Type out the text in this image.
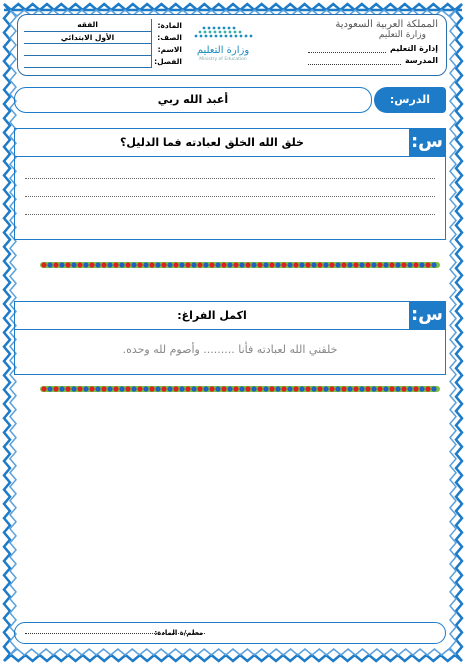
المملكة العربية السعودية
وزارة التعليم
إدارة التعليم
المدرسة
وزارة التعليم
Ministry of Education
المادة:	الفقه
الصف:	الأول الابتدائي
الاسم:	
الفصل:	
الدرس:
أعبد الله ربي
س:
خلق الله الخلق لعبادته فما الدليل؟
س:
اكمل الفراغ:
خلقني الله لعبادته فأنا ......... وأصوم لله وحده.
معلم/ة المادة:
